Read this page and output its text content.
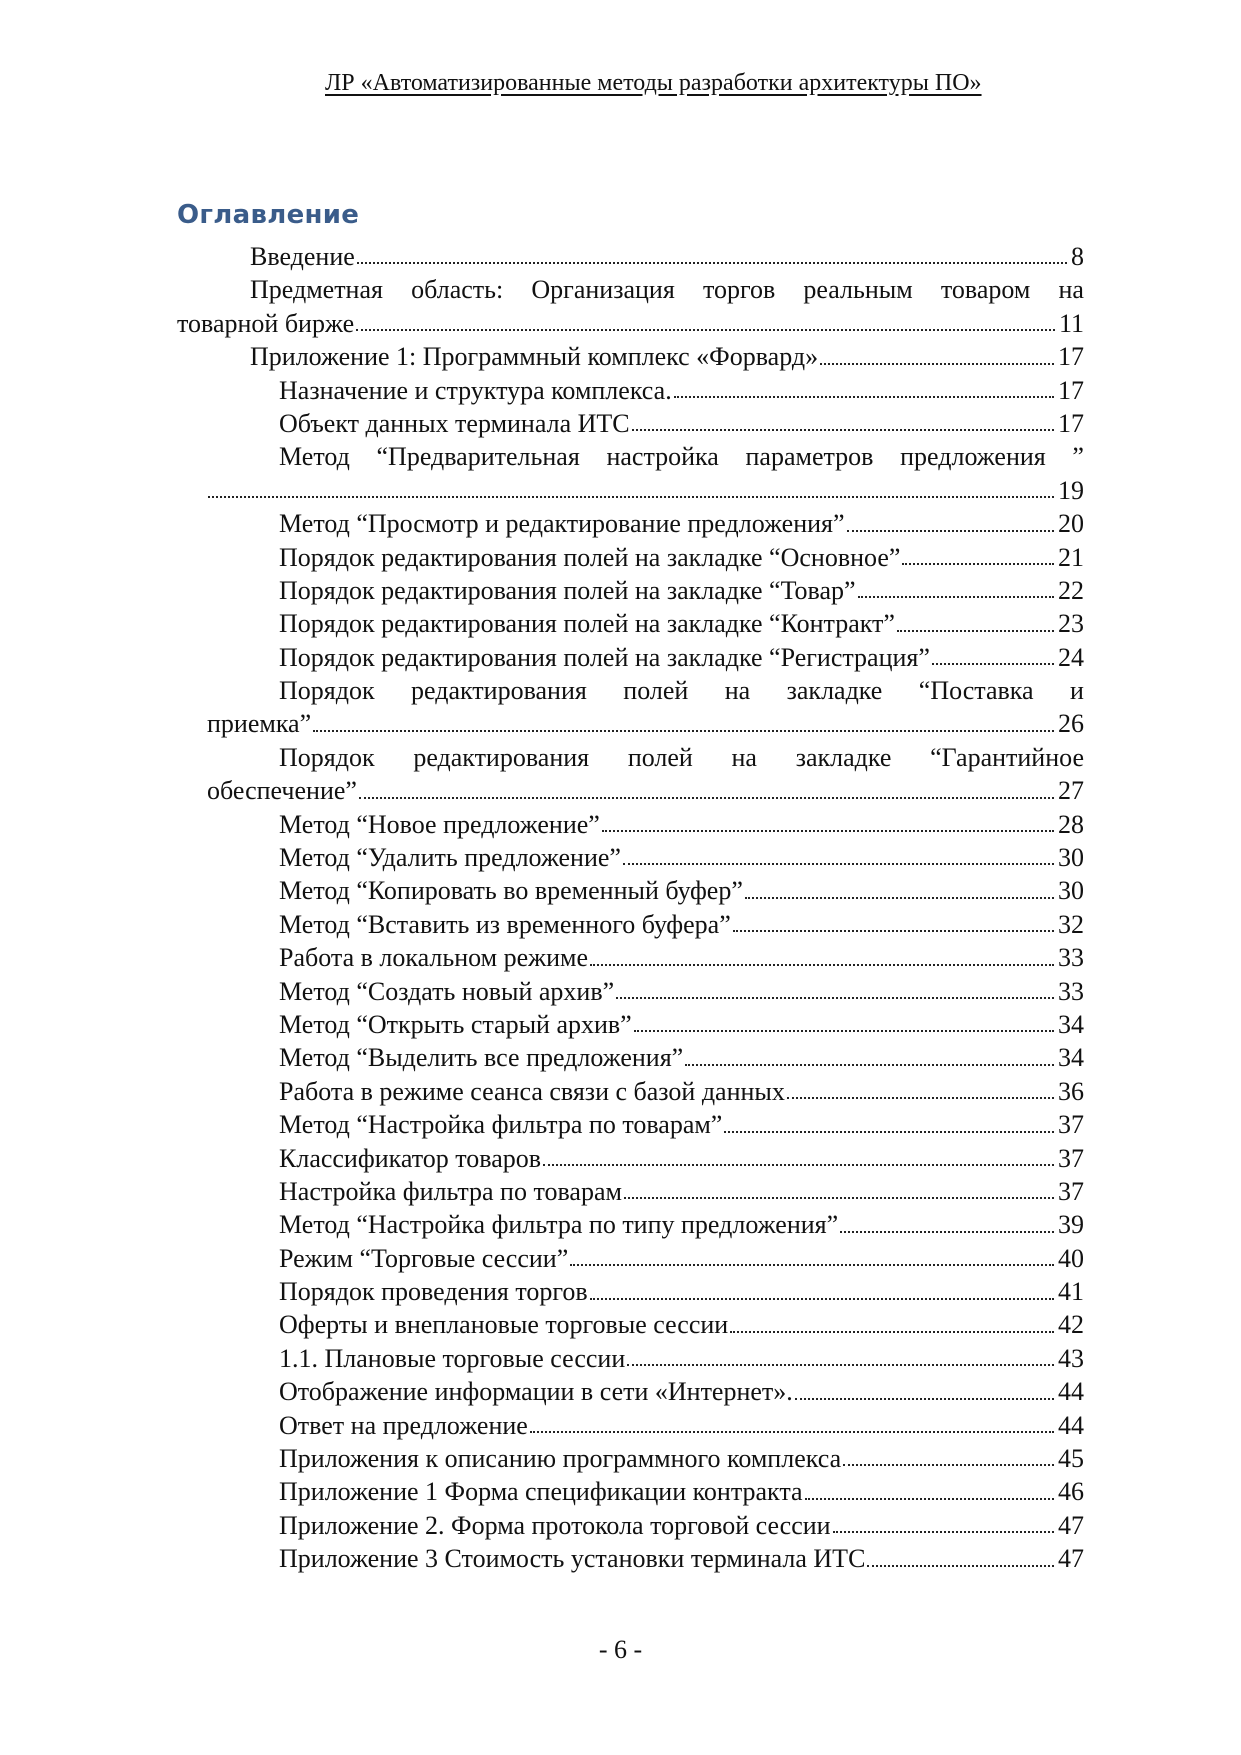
ЛР «Автоматизированные методы разработки архитектуры ПО»
Оглавление
Введение	8
Предметная область: Организация торгов реальным товаром на
товарной бирже	11
Приложение 1: Программный комплекс «Форвард»	17
Назначение и структура комплекса.	17
Объект данных терминала ИТС	17
Метод “Предварительная настройка параметров предложения ”
19
Метод “Просмотр и редактирование предложения”	20
Порядок редактирования полей на закладке “Основное”	21
Порядок редактирования полей на закладке “Товар”	22
Порядок редактирования полей на закладке “Контракт”	23
Порядок редактирования полей на закладке “Регистрация”	24
Порядок редактирования полей на закладке “Поставка и
приемка”	26
Порядок редактирования полей на закладке “Гарантийное
обеспечение”	27
Метод “Новое предложение”	28
Метод “Удалить предложение”	30
Метод “Копировать во временный буфер”	30
Метод “Вставить из временного буфера”	32
Работа в локальном режиме	33
Метод “Создать новый архив”	33
Метод “Открыть старый архив”	34
Метод “Выделить все предложения”	34
Работа в режиме сеанса связи с базой данных	36
Метод “Настройка фильтра по товарам”	37
Классификатор товаров	37
Настройка фильтра по товарам	37
Метод “Настройка фильтра по типу предложения”	39
Режим “Торговые сессии”	40
Порядок проведения торгов	41
Оферты и внеплановые торговые сессии	42
1.1. Плановые торговые сессии	43
Отображение информации в сети «Интернет».	44
Ответ на предложение	44
Приложения к описанию программного комплекса	45
Приложение 1 Форма спецификации контракта	46
Приложение 2. Форма протокола торговой сессии	47
Приложение 3 Стоимость установки терминала ИТС	47
- 6 -
